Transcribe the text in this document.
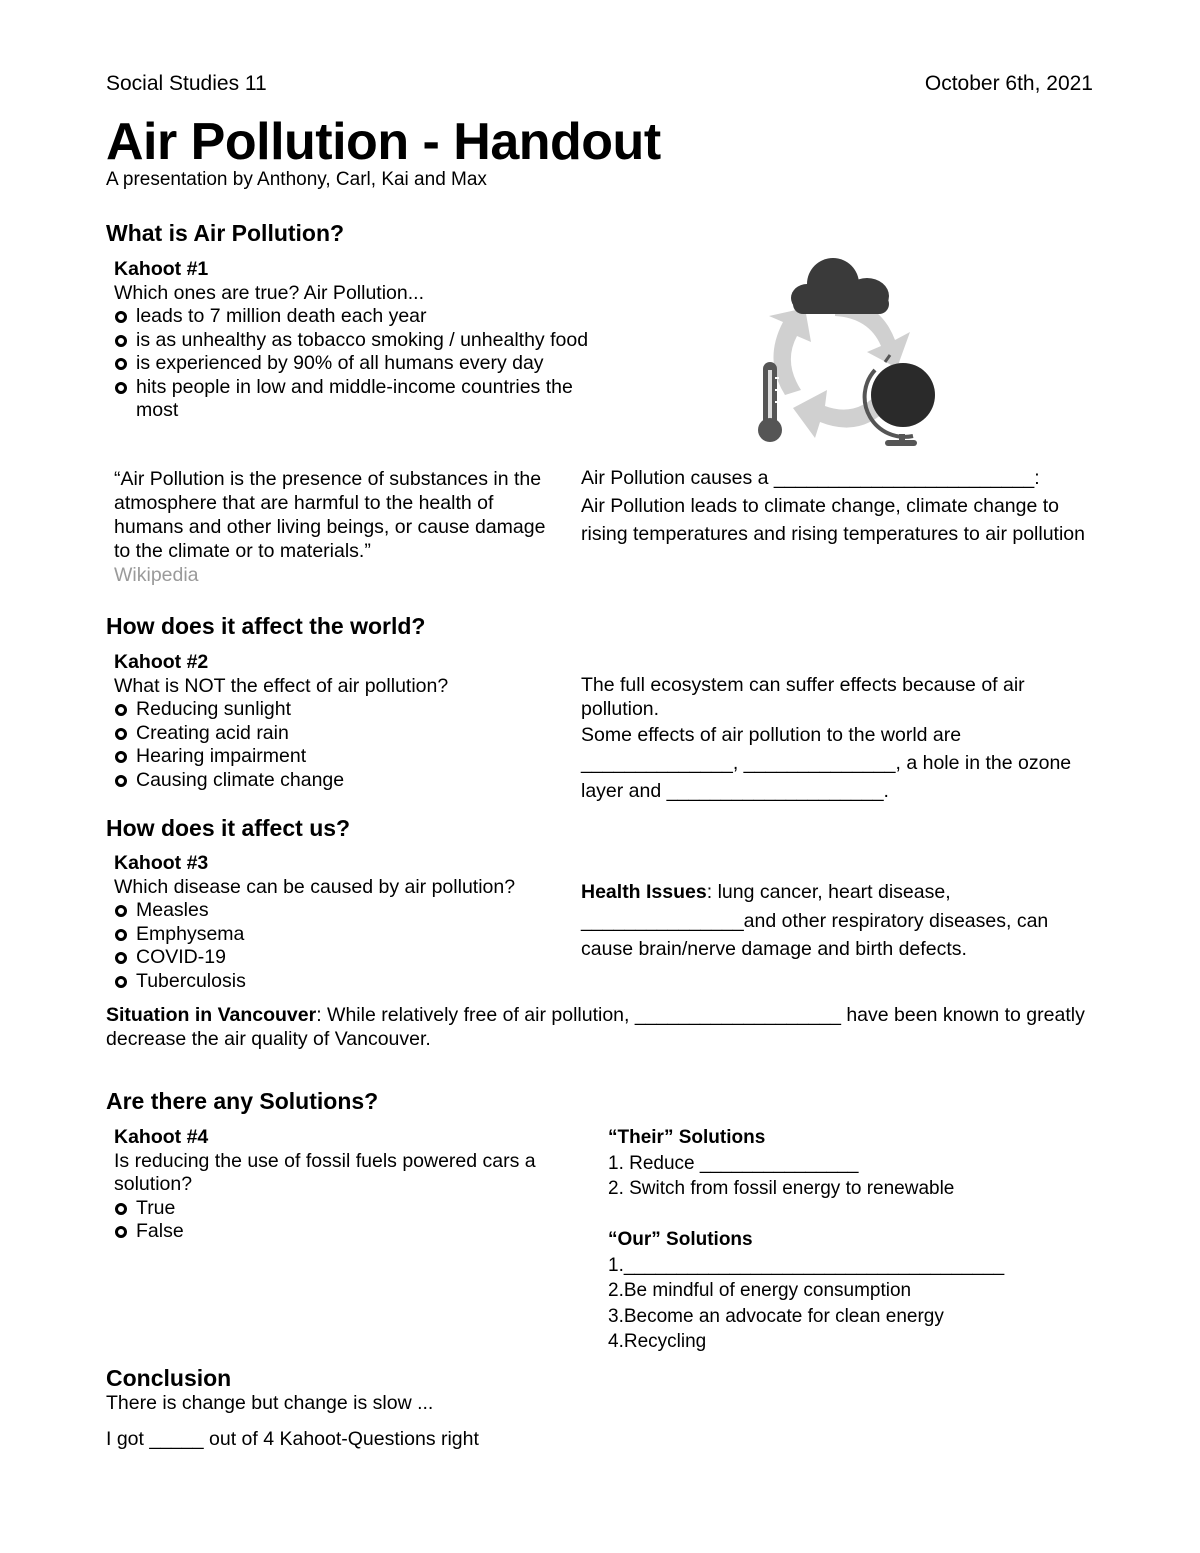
Social Studies 11	October 6th, 2021
Air Pollution - Handout
A presentation by Anthony, Carl, Kai and Max
What is Air Pollution?
Kahoot #1
Which ones are true? Air Pollution...
leads to 7 million death each year
is as unhealthy as tobacco smoking / unhealthy food
is experienced by 90% of all humans every day
hits people in low and middle-income countries the most
“Air Pollution is the presence of substances in the atmosphere that are harmful to the health of humans and other living beings, or cause damage to the climate or to materials.”
Wikipedia
Air Pollution causes a ________________________:
Air Pollution leads to climate change, climate change to rising temperatures and rising temperatures to air pollution
How does it affect the world?
Kahoot #2
What is NOT the effect of air pollution?
Reducing sunlight
Creating acid rain
Hearing impairment
Causing climate change
The full ecosystem can suffer effects because of air pollution.
Some effects of air pollution to the world are ______________, ______________, a hole in the ozone layer and ____________________.
How does it affect us?
Kahoot #3
Which disease can be caused by air pollution?
Measles
Emphysema
COVID-19
Tuberculosis
Health Issues: lung cancer, heart disease, _______________and other respiratory diseases, can cause brain/nerve damage and birth defects.
Situation in Vancouver: While relatively free of air pollution, ___________________ have been known to greatly decrease the air quality of Vancouver.
Are there any Solutions?
Kahoot #4
Is reducing the use of fossil fuels powered cars a solution?
True
False
“Their” Solutions
1. Reduce _______________
2. Switch from fossil energy to renewable
“Our” Solutions
1.____________________________________
2.Be mindful of energy consumption
3.Become an advocate for clean energy
4.Recycling
Conclusion
There is change but change is slow ...
I got _____ out of 4 Kahoot-Questions right
